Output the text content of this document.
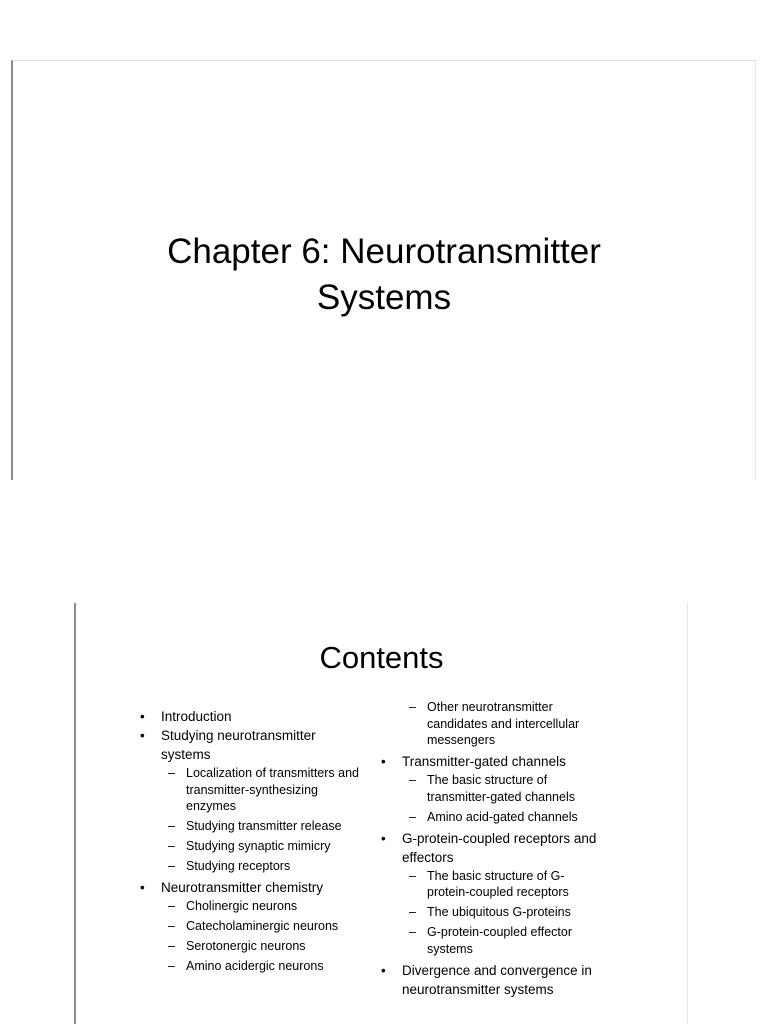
Chapter 6: Neurotransmitter
Systems
Contents
• Introduction
• Studying neurotransmitter
systems
– Localization of transmitters and
transmitter-synthesizing
enzymes
– Studying transmitter release
– Studying synaptic mimicry
– Studying receptors
• Neurotransmitter chemistry
– Cholinergic neurons
– Catecholaminergic neurons
– Serotonergic neurons
– Amino acidergic neurons
– Other neurotransmitter
candidates and intercellular
messengers
• Transmitter-gated channels
– The basic structure of
transmitter-gated channels
– Amino acid-gated channels
• G-protein-coupled receptors and
effectors
– The basic structure of G-
protein-coupled receptors
– The ubiquitous G-proteins
– G-protein-coupled effector
systems
• Divergence and convergence in
neurotransmitter systems
